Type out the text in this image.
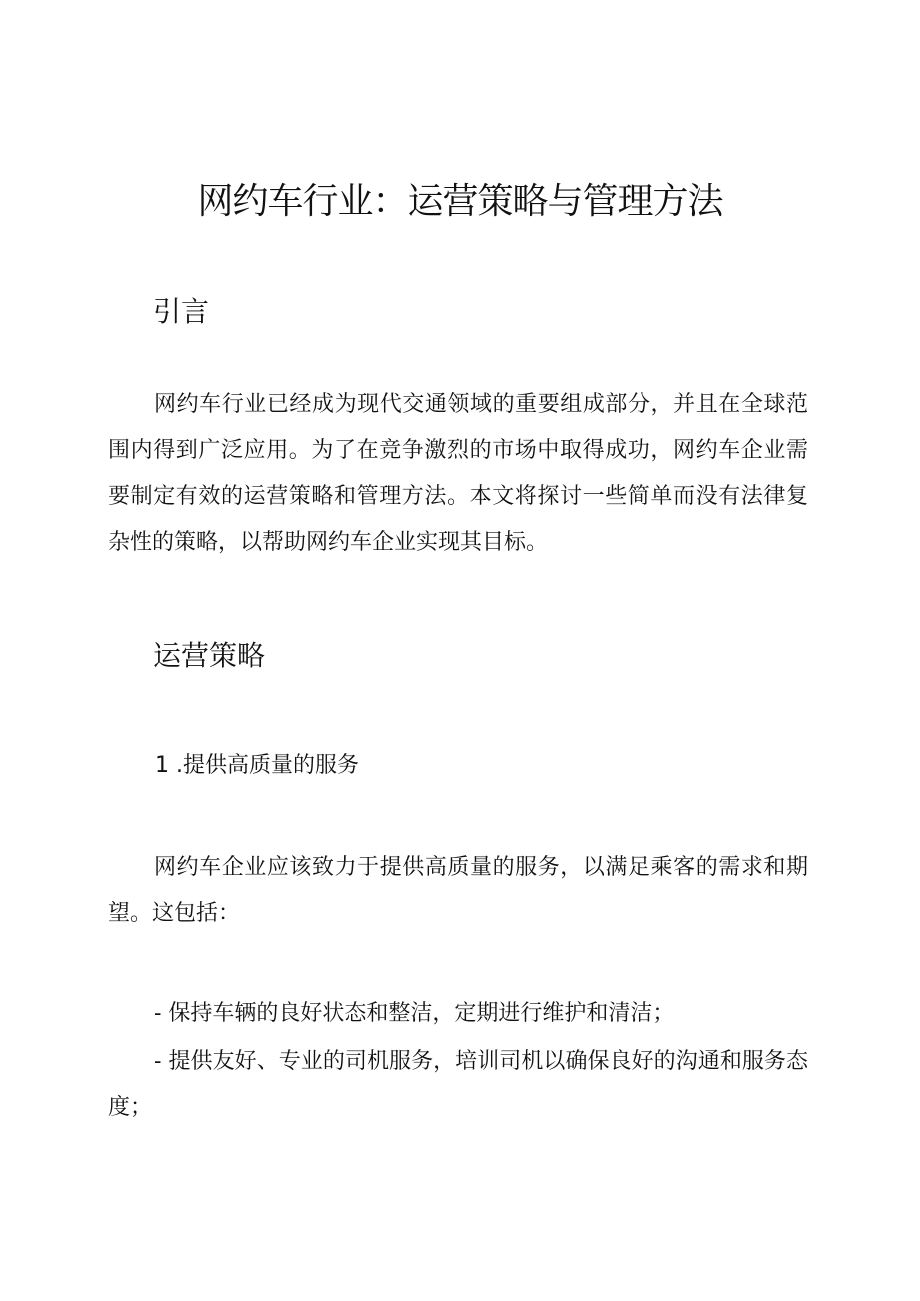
网约车行业：运营策略与管理方法
引言

网约车行业已经成为现代交通领域的重要组成部分，并且在全球范围内得到广泛应用。为了在竞争激烈的市场中取得成功，网约车企业需要制定有效的运营策略和管理方法。本文将探讨一些简单而没有法律复杂性的策略，以帮助网约车企业实现其目标。

运营策略
1 .提供高质量的服务

网约车企业应该致力于提供高质量的服务，以满足乘客的需求和期望。这包括：

- 保持车辆的良好状态和整洁，定期进行维护和清洁；

- 提供友好、专业的司机服务，培训司机以确保良好的沟通和服务态度；
